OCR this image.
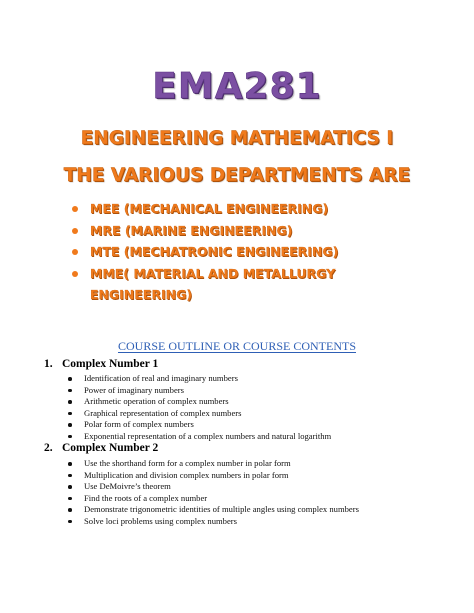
EMA281
ENGINEERING MATHEMATICS I
THE VARIOUS DEPARTMENTS ARE
MEE (MECHANICAL ENGINEERING)
MRE (MARINE ENGINEERING)
MTE (MECHATRONIC ENGINEERING)
MME( MATERIAL AND METALLURGY ENGINEERING)
COURSE OUTLINE OR COURSE CONTENTS
1. Complex Number 1
Identification of real and imaginary numbers
Power of imaginary numbers
Arithmetic operation of complex numbers
Graphical representation of complex numbers
Polar form of complex numbers
Exponential representation of a complex numbers and natural logarithm
2. Complex Number 2
Use the shorthand form for a complex number in polar form
Multiplication and division complex numbers in polar form
Use DeMoivre’s theorem
Find the roots of a complex number
Demonstrate trigonometric identities of multiple angles using complex numbers
Solve loci problems using complex numbers
